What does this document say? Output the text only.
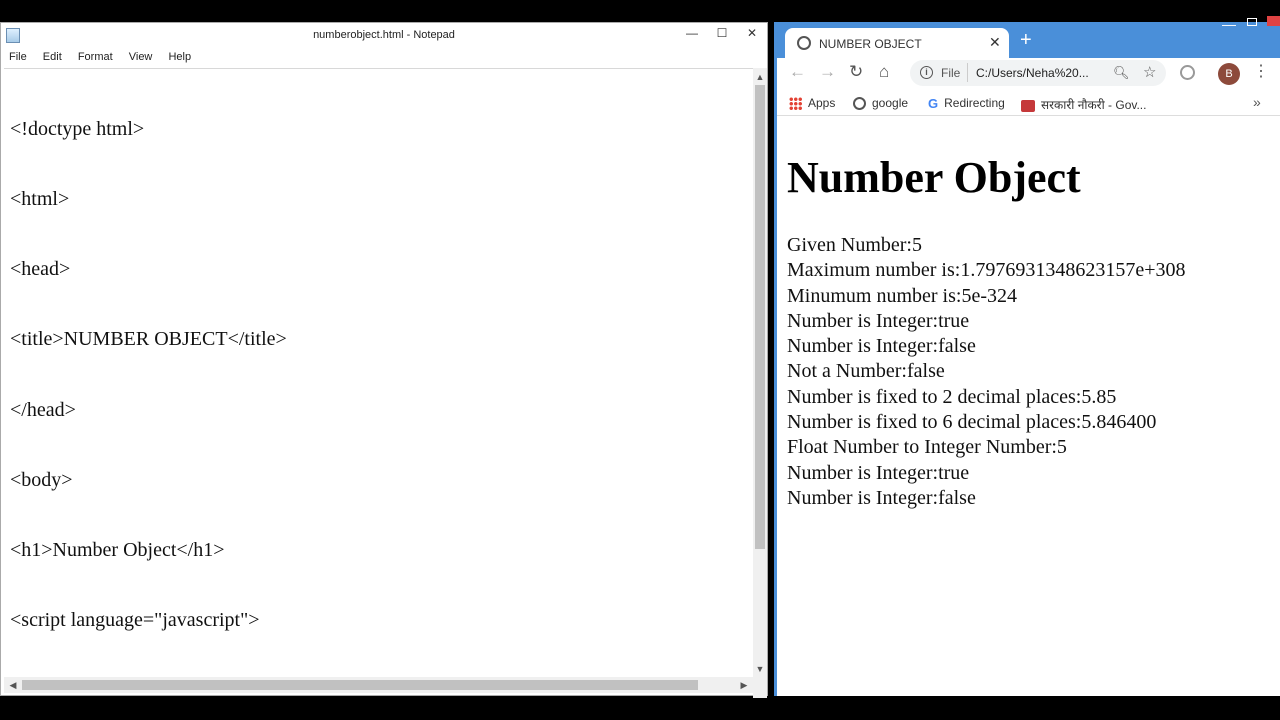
numberobject.html - Notepad	—	☐	✕
File Edit Format View Help

<!doctype html>

<html>

<head>

<title>NUMBER OBJECT</title>

</head>

<body>

<h1>Number Object</h1>

<script language="javascript">

▲
▼
◀	▶
NUMBER OBJECT	✕ +
—
← → ↻ ⌂	i	File C:/Users/Neha%20... 🔍︎ ☆	B	⋮
Apps	google G Redirecting	सरकारी नौकरी - Gov...	»
Number Object
Given Number:5
Maximum number is:1.7976931348623157e+308
Minumum number is:5e-324
Number is Integer:true
Number is Integer:false
Not a Number:false
Number is fixed to 2 decimal places:5.85
Number is fixed to 6 decimal places:5.846400
Float Number to Integer Number:5
Number is Integer:true
Number is Integer:false
